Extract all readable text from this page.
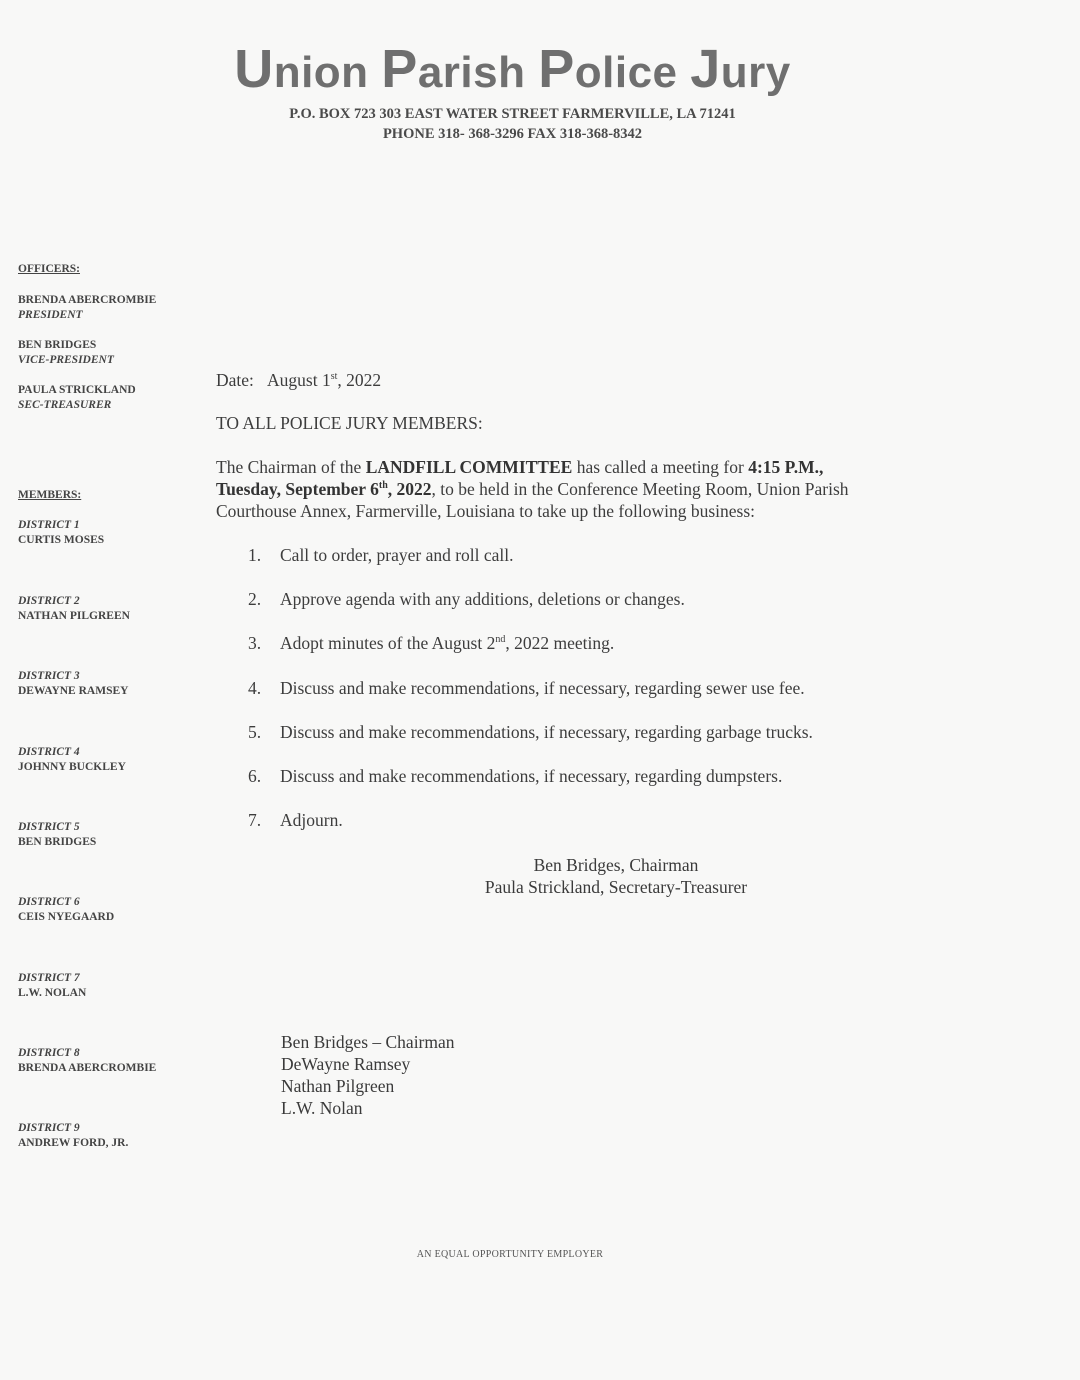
Union Parish Police Jury
P.O. BOX 723 303 EAST WATER STREET FARMERVILLE, LA 71241
PHONE 318- 368-3296 FAX 318-368-8342
OFFICERS:
BRENDA ABERCROMBIE
PRESIDENT
BEN BRIDGES
VICE-PRESIDENT
PAULA STRICKLAND
SEC-TREASURER
MEMBERS:
DISTRICT 1
CURTIS MOSES
DISTRICT 2
NATHAN PILGREEN
DISTRICT 3
DEWAYNE RAMSEY
DISTRICT 4
JOHNNY BUCKLEY
DISTRICT 5
BEN BRIDGES
DISTRICT 6
CEIS NYEGAARD
DISTRICT 7
L.W. NOLAN
DISTRICT 8
BRENDA ABERCROMBIE
DISTRICT 9
ANDREW FORD, JR.
Date: August 1st, 2022
TO ALL POLICE JURY MEMBERS:
The Chairman of the LANDFILL COMMITTEE has called a meeting for 4:15 P.M.,
Tuesday, September 6th, 2022, to be held in the Conference Meeting Room, Union Parish
Courthouse Annex, Farmerville, Louisiana to take up the following business:
1. Call to order, prayer and roll call.
2. Approve agenda with any additions, deletions or changes.
3. Adopt minutes of the August 2nd, 2022 meeting.
4. Discuss and make recommendations, if necessary, regarding sewer use fee.
5. Discuss and make recommendations, if necessary, regarding garbage trucks.
6. Discuss and make recommendations, if necessary, regarding dumpsters.
7. Adjourn.
Ben Bridges, Chairman
Paula Strickland, Secretary-Treasurer
Ben Bridges – Chairman
DeWayne Ramsey
Nathan Pilgreen
L.W. Nolan
AN EQUAL OPPORTUNITY EMPLOYER
